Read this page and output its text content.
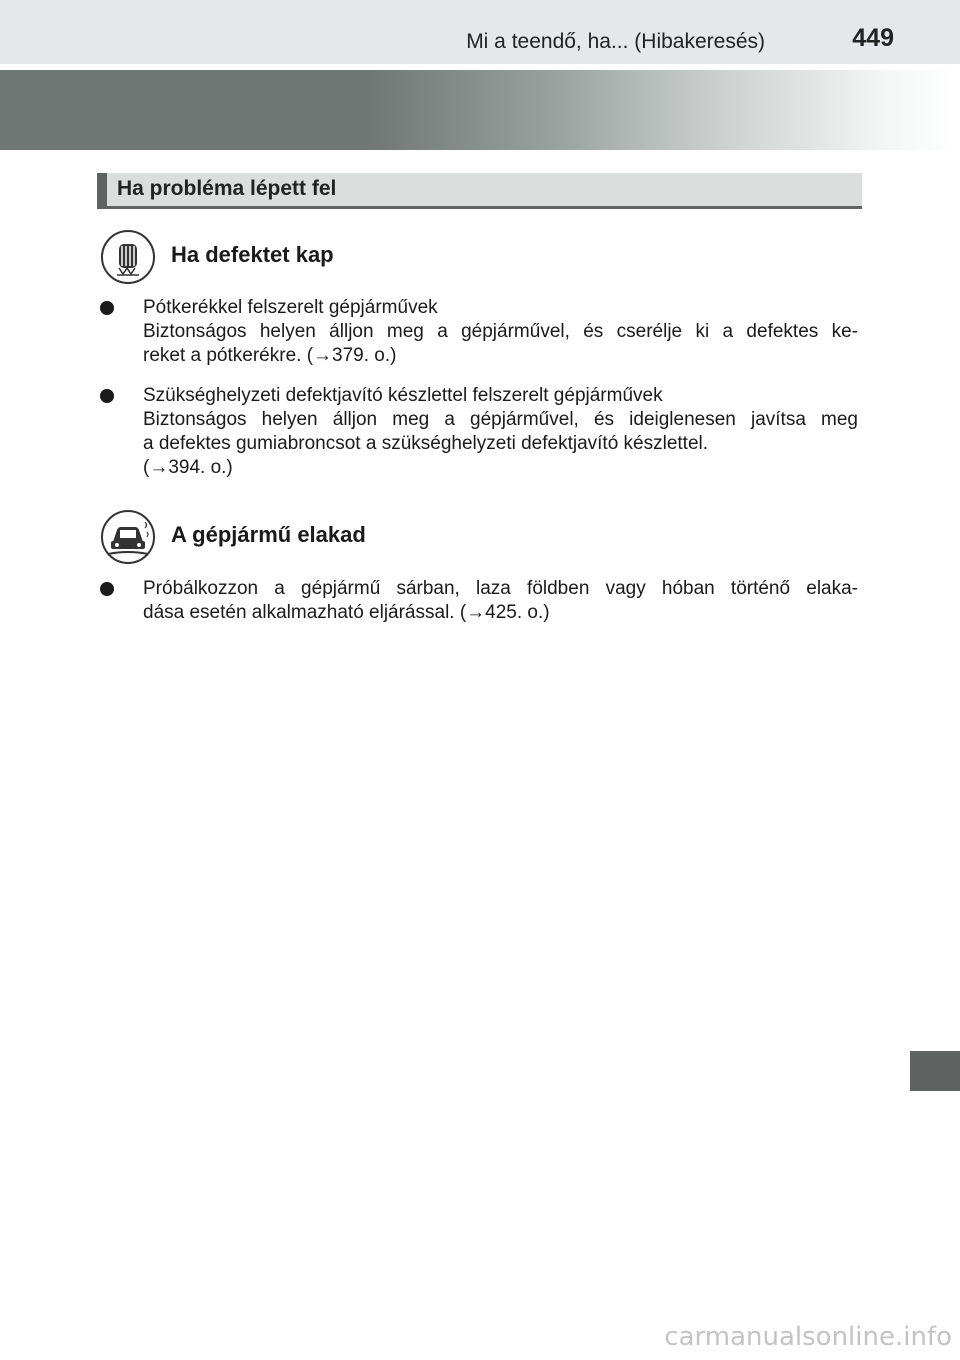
Mi a teendő, ha... (Hibakeresés)	449
Ha probléma lépett fel
Ha defektet kap
Pótkerékkel felszerelt gépjárművek
Biztonságos helyen álljon meg a gépjárművel, és cserélje ki a defektes ke-
reket a pótkerékre. (→379. o.)
Szükséghelyzeti defektjavító készlettel felszerelt gépjárművek
Biztonságos helyen álljon meg a gépjárművel, és ideiglenesen javítsa meg
a defektes gumiabroncsot a szükséghelyzeti defektjavító készlettel.
(→394. o.)
A gépjármű elakad
Próbálkozzon a gépjármű sárban, laza földben vagy hóban történő elaka-
dása esetén alkalmazható eljárással. (→425. o.)
carmanualsonline.info
